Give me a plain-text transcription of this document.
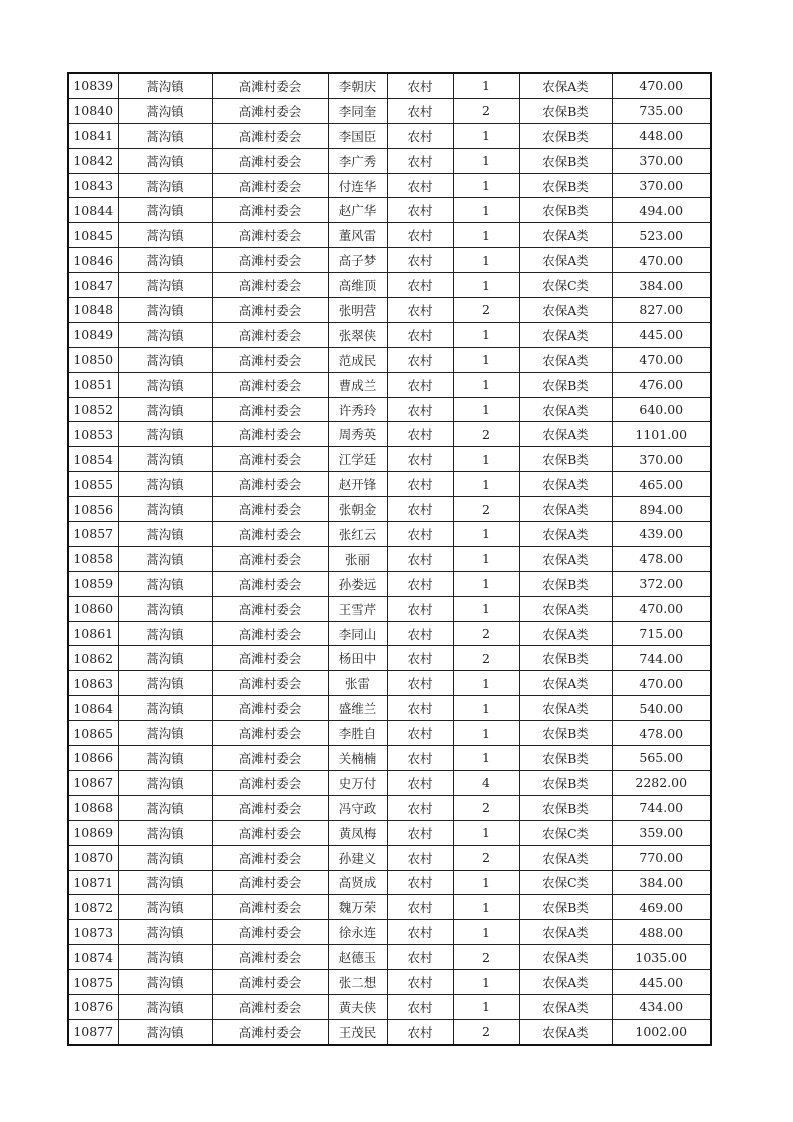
10839	蒿沟镇	高滩村委会	李朝庆	农村	1	农保A类	470.00
10840	蒿沟镇	高滩村委会	李同奎	农村	2	农保B类	735.00
10841	蒿沟镇	高滩村委会	李国臣	农村	1	农保B类	448.00
10842	蒿沟镇	高滩村委会	李广秀	农村	1	农保B类	370.00
10843	蒿沟镇	高滩村委会	付连华	农村	1	农保B类	370.00
10844	蒿沟镇	高滩村委会	赵广华	农村	1	农保B类	494.00
10845	蒿沟镇	高滩村委会	董风雷	农村	1	农保A类	523.00
10846	蒿沟镇	高滩村委会	高子梦	农村	1	农保A类	470.00
10847	蒿沟镇	高滩村委会	高维顶	农村	1	农保C类	384.00
10848	蒿沟镇	高滩村委会	张明营	农村	2	农保A类	827.00
10849	蒿沟镇	高滩村委会	张翠侠	农村	1	农保A类	445.00
10850	蒿沟镇	高滩村委会	范成民	农村	1	农保A类	470.00
10851	蒿沟镇	高滩村委会	曹成兰	农村	1	农保B类	476.00
10852	蒿沟镇	高滩村委会	许秀玲	农村	1	农保A类	640.00
10853	蒿沟镇	高滩村委会	周秀英	农村	2	农保A类	1101.00
10854	蒿沟镇	高滩村委会	江学廷	农村	1	农保B类	370.00
10855	蒿沟镇	高滩村委会	赵开锋	农村	1	农保A类	465.00
10856	蒿沟镇	高滩村委会	张朝金	农村	2	农保A类	894.00
10857	蒿沟镇	高滩村委会	张红云	农村	1	农保A类	439.00
10858	蒿沟镇	高滩村委会	张丽	农村	1	农保A类	478.00
10859	蒿沟镇	高滩村委会	孙娄远	农村	1	农保B类	372.00
10860	蒿沟镇	高滩村委会	王雪芹	农村	1	农保A类	470.00
10861	蒿沟镇	高滩村委会	李同山	农村	2	农保A类	715.00
10862	蒿沟镇	高滩村委会	杨田中	农村	2	农保B类	744.00
10863	蒿沟镇	高滩村委会	张雷	农村	1	农保A类	470.00
10864	蒿沟镇	高滩村委会	盛维兰	农村	1	农保A类	540.00
10865	蒿沟镇	高滩村委会	李胜自	农村	1	农保B类	478.00
10866	蒿沟镇	高滩村委会	关楠楠	农村	1	农保B类	565.00
10867	蒿沟镇	高滩村委会	史万付	农村	4	农保B类	2282.00
10868	蒿沟镇	高滩村委会	冯守政	农村	2	农保B类	744.00
10869	蒿沟镇	高滩村委会	黄凤梅	农村	1	农保C类	359.00
10870	蒿沟镇	高滩村委会	孙建义	农村	2	农保A类	770.00
10871	蒿沟镇	高滩村委会	高贤成	农村	1	农保C类	384.00
10872	蒿沟镇	高滩村委会	魏万荣	农村	1	农保B类	469.00
10873	蒿沟镇	高滩村委会	徐永连	农村	1	农保A类	488.00
10874	蒿沟镇	高滩村委会	赵德玉	农村	2	农保A类	1035.00
10875	蒿沟镇	高滩村委会	张二想	农村	1	农保A类	445.00
10876	蒿沟镇	高滩村委会	黄夫侠	农村	1	农保A类	434.00
10877	蒿沟镇	高滩村委会	王茂民	农村	2	农保A类	1002.00
